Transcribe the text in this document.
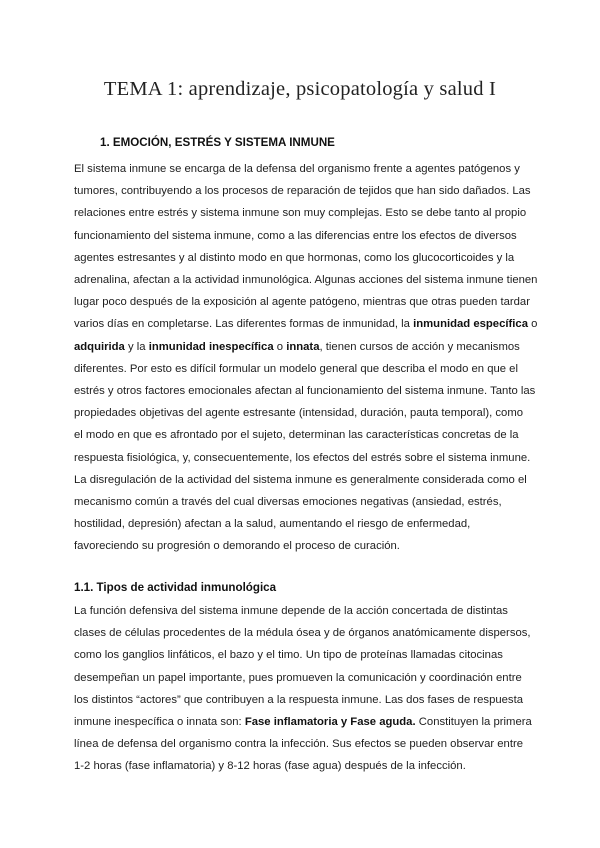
TEMA 1: aprendizaje, psicopatología y salud I
1. EMOCIÓN, ESTRÉS Y SISTEMA INMUNE

El sistema inmune se encarga de la defensa del organismo frente a agentes patógenos y
tumores, contribuyendo a los procesos de reparación de tejidos que han sido dañados. Las
relaciones entre estrés y sistema inmune son muy complejas. Esto se debe tanto al propio
funcionamiento del sistema inmune, como a las diferencias entre los efectos de diversos
agentes estresantes y al distinto modo en que hormonas, como los glucocorticoides y la
adrenalina, afectan a la actividad inmunológica. Algunas acciones del sistema inmune tienen
lugar poco después de la exposición al agente patógeno, mientras que otras pueden tardar
varios días en completarse. Las diferentes formas de inmunidad, la inmunidad específica o
adquirida y la inmunidad inespecífica o innata, tienen cursos de acción y mecanismos
diferentes. Por esto es difícil formular un modelo general que describa el modo en que el
estrés y otros factores emocionales afectan al funcionamiento del sistema inmune. Tanto las
propiedades objetivas del agente estresante (intensidad, duración, pauta temporal), como
el modo en que es afrontado por el sujeto, determinan las características concretas de la
respuesta fisiológica, y, consecuentemente, los efectos del estrés sobre el sistema inmune.
La disregulación de la actividad del sistema inmune es generalmente considerada como el
mecanismo común a través del cual diversas emociones negativas (ansiedad, estrés,
hostilidad, depresión) afectan a la salud, aumentando el riesgo de enfermedad,
favoreciendo su progresión o demorando el proceso de curación.

1.1. Tipos de actividad inmunológica

La función defensiva del sistema inmune depende de la acción concertada de distintas
clases de células procedentes de la médula ósea y de órganos anatómicamente dispersos,
como los ganglios linfáticos, el bazo y el timo. Un tipo de proteínas llamadas citocinas
desempeñan un papel importante, pues promueven la comunicación y coordinación entre
los distintos “actores” que contribuyen a la respuesta inmune. Las dos fases de respuesta
inmune inespecífica o innata son: Fase inflamatoria y Fase aguda. Constituyen la primera
línea de defensa del organismo contra la infección. Sus efectos se pueden observar entre
1-2 horas (fase inflamatoria) y 8-12 horas (fase agua) después de la infección.
